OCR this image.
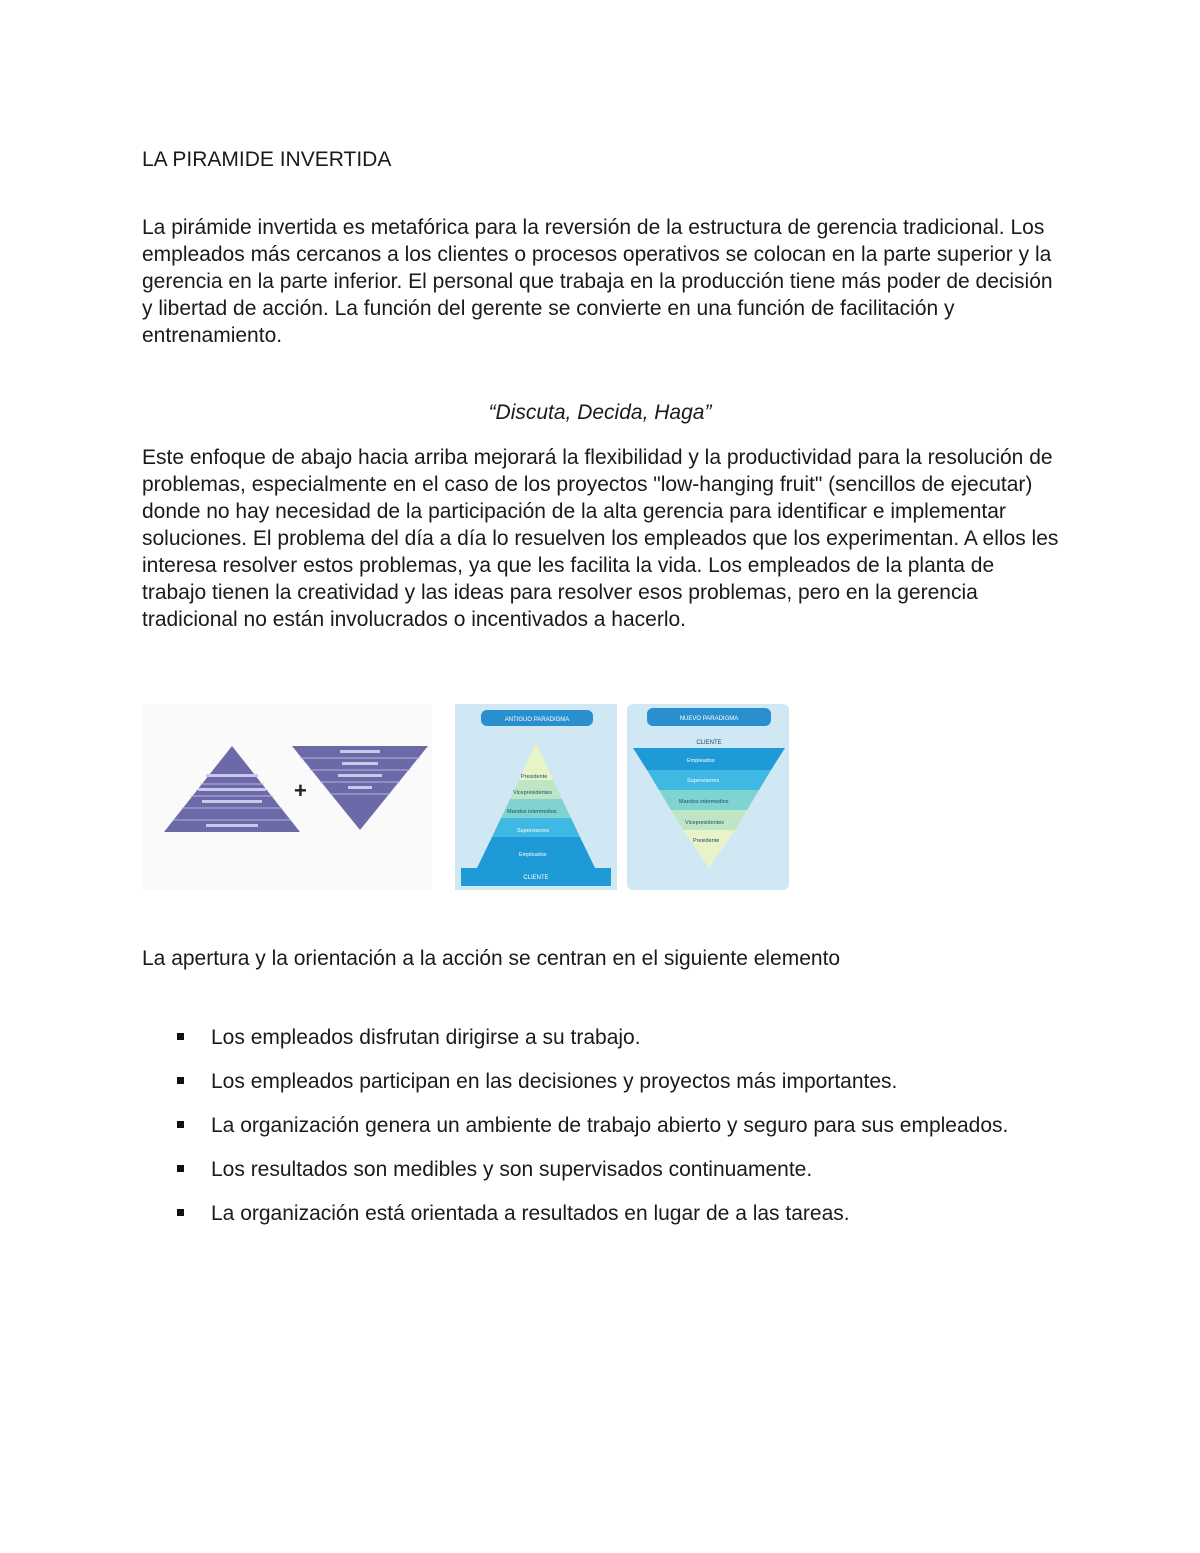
LA PIRAMIDE INVERTIDA

La pirámide invertida es metafórica para la reversión de la estructura de gerencia tradicional. Los empleados más cercanos a los clientes o procesos operativos se colocan en la parte superior y la gerencia en la parte inferior. El personal que trabaja en la producción tiene más poder de decisión y libertad de acción. La función del gerente se convierte en una función de facilitación y entrenamiento.

“Discuta, Decida, Haga”

Este enfoque de abajo hacia arriba mejorará la flexibilidad y la productividad para la resolución de problemas, especialmente en el caso de los proyectos "low-hanging fruit" (sencillos de ejecutar) donde no hay necesidad de la participación de la alta gerencia para identificar e implementar soluciones. El problema del día a día lo resuelven los empleados que los experimentan. A ellos les interesa resolver estos problemas, ya que les facilita la vida. Los empleados de la planta de trabajo tienen la creatividad y las ideas para resolver esos problemas, pero en la gerencia tradicional no están involucrados o incentivados a hacerlo.

+
ANTIGUO PARADIGMA
Presidente
Vicepresidentes
Mandos intermedios
Supervisores
Empleados
CLIENTE
NUEVO PARADIGMA
CLIENTE
Empleados
Supervisores
Mandos intermedios
Vicepresidentes
Presidente

La apertura y la orientación a la acción se centran en el siguiente elemento

Los empleados disfrutan dirigirse a su trabajo.
Los empleados participan en las decisiones y proyectos más importantes.
La organización genera un ambiente de trabajo abierto y seguro para sus empleados.
Los resultados son medibles y son supervisados continuamente.
La organización está orientada a resultados en lugar de a las tareas.
